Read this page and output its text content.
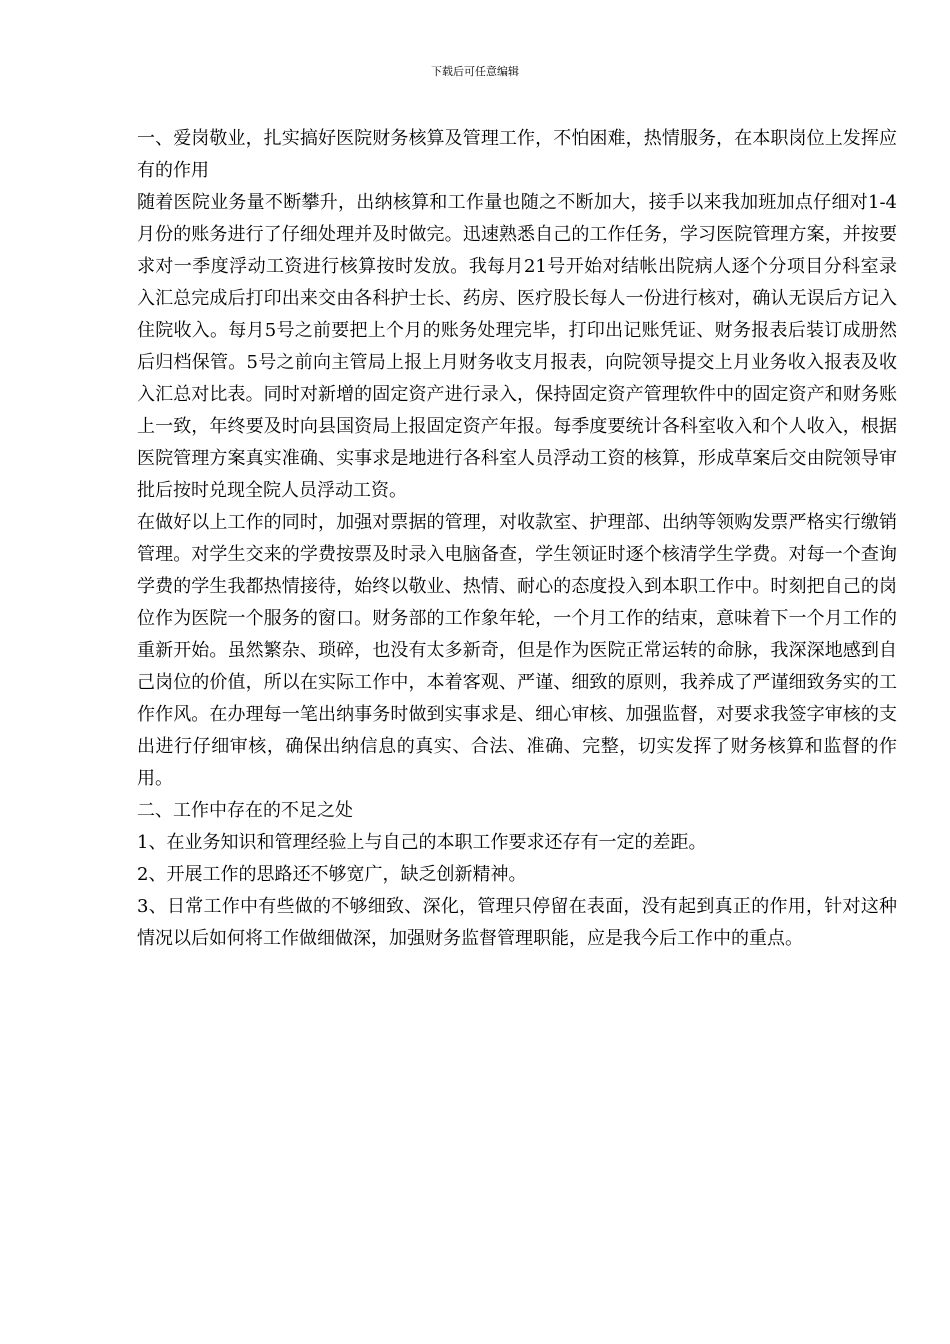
下载后可任意编辑

一、爱岗敬业，扎实搞好医院财务核算及管理工作，不怕困难，热情服务，在本职岗位上发挥应有的作用

随着医院业务量不断攀升，出纳核算和工作量也随之不断加大，接手以来我加班加点仔细对1-4月份的账务进行了仔细处理并及时做完。迅速熟悉自己的工作任务，学习医院管理方案，并按要求对一季度浮动工资进行核算按时发放。我每月21号开始对结帐出院病人逐个分项目分科室录入汇总完成后打印出来交由各科护士长、药房、医疗股长每人一份进行核对，确认无误后方记入住院收入。每月5号之前要把上个月的账务处理完毕，打印出记账凭证、财务报表后装订成册然后归档保管。5号之前向主管局上报上月财务收支月报表，向院领导提交上月业务收入报表及收入汇总对比表。同时对新增的固定资产进行录入，保持固定资产管理软件中的固定资产和财务账上一致，年终要及时向县国资局上报固定资产年报。每季度要统计各科室收入和个人收入，根据医院管理方案真实准确、实事求是地进行各科室人员浮动工资的核算，形成草案后交由院领导审批后按时兑现全院人员浮动工资。

在做好以上工作的同时，加强对票据的管理，对收款室、护理部、出纳等领购发票严格实行缴销管理。对学生交来的学费按票及时录入电脑备查，学生领证时逐个核清学生学费。对每一个查询学费的学生我都热情接待，始终以敬业、热情、耐心的态度投入到本职工作中。时刻把自己的岗位作为医院一个服务的窗口。财务部的工作象年轮，一个月工作的结束，意味着下一个月工作的重新开始。虽然繁杂、琐碎，也没有太多新奇，但是作为医院正常运转的命脉，我深深地感到自己岗位的价值，所以在实际工作中，本着客观、严谨、细致的原则，我养成了严谨细致务实的工作作风。在办理每一笔出纳事务时做到实事求是、细心审核、加强监督，对要求我签字审核的支出进行仔细审核，确保出纳信息的真实、合法、准确、完整，切实发挥了财务核算和监督的作用。

二、工作中存在的不足之处

1、在业务知识和管理经验上与自己的本职工作要求还存有一定的差距。

2、开展工作的思路还不够宽广，缺乏创新精神。

3、日常工作中有些做的不够细致、深化，管理只停留在表面，没有起到真正的作用，针对这种情况以后如何将工作做细做深，加强财务监督管理职能，应是我今后工作中的重点。
